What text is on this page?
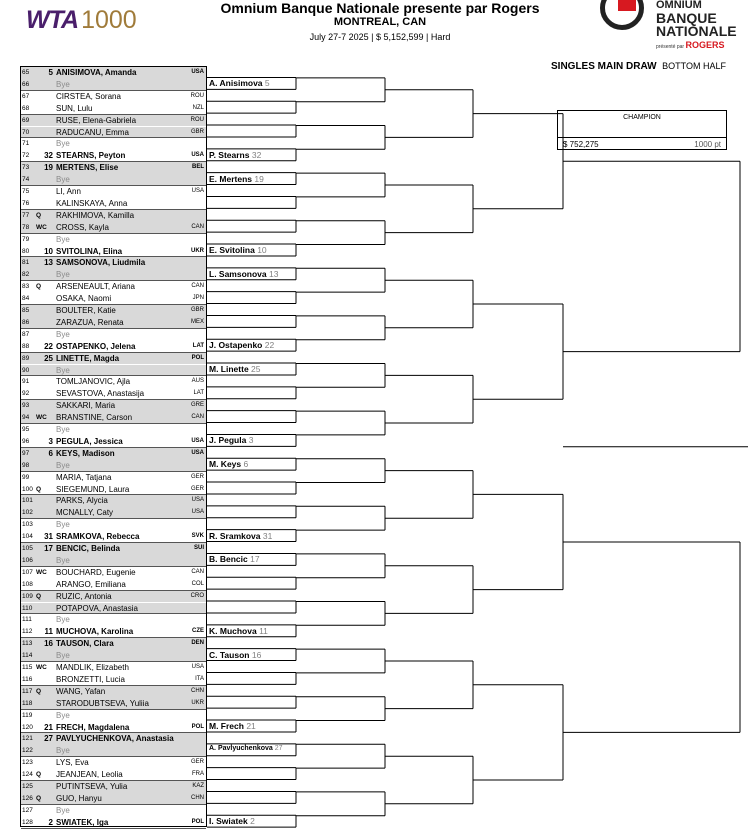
WTA 1000	Omnium Banque Nationale presente par Rogers
MONTREAL, CAN
July 27-7 2025 | $ 5,152,599 | Hard
OMNIUM
BANQUE
NATIONALE
présenté par ROGERS
SINGLES MAIN DRAW BOTTOM HALF
CHAMPION
$ 752,275	1000 pt
65	5 ANISIMOVA, Amanda	USA
66	Bye
67	CIRSTEA, Sorana	ROU
68	SUN, Lulu	NZL
69	RUSE, Elena-Gabriela	ROU
70	RADUCANU, Emma	GBR
71	Bye
72	32 STEARNS, Peyton	USA
73	19 MERTENS, Elise	BEL
74	Bye
75	LI, Ann	USA
76	KALINSKAYA, Anna
77 Q RAKHIMOVA, Kamilla
78 WC CROSS, Kayla	CAN
79	Bye
80	10 SVITOLINA, Elina	UKR
81	13 SAMSONOVA, Liudmila
82	Bye
83 Q ARSENEAULT, Ariana	CAN
84	OSAKA, Naomi	JPN
85	BOULTER, Katie	GBR
86	ZARAZUA, Renata	MEX
87	Bye
88	22 OSTAPENKO, Jelena	LAT
89	25 LINETTE, Magda	POL
90	Bye
91	TOMLJANOVIC, Ajla	AUS
92	SEVASTOVA, Anastasija	LAT
93	SAKKARI, Maria	GRE
94 WC BRANSTINE, Carson	CAN
95	Bye
96	3 PEGULA, Jessica	USA
97	6 KEYS, Madison	USA
98	Bye
99	MARIA, Tatjana	GER
100 Q SIEGEMUND, Laura	GER
101	PARKS, Alycia	USA
102	MCNALLY, Caty	USA
103	Bye
104	31 SRAMKOVA, Rebecca	SVK
105	17 BENCIC, Belinda	SUI
106	Bye
107 WC BOUCHARD, Eugenie	CAN
108	ARANGO, Emiliana	COL
109 Q RUZIC, Antonia	CRO
110	POTAPOVA, Anastasia
111	Bye
112	11 MUCHOVA, Karolina	CZE
113	16 TAUSON, Clara	DEN
114	Bye
115 WC MANDLIK, Elizabeth	USA
116	BRONZETTI, Lucia	ITA
117 Q WANG, Yafan	CHN
118	STARODUBTSEVA, Yuliia	UKR
119	Bye
120	21 FRECH, Magdalena	POL
121	27 PAVLYUCHENKOVA, Anastasia
122	Bye
123	LYS, Eva	GER
124 Q JEANJEAN, Leolia	FRA
125	PUTINTSEVA, Yulia	KAZ
126 Q GUO, Hanyu	CHN
127	Bye
128	2 SWIATEK, Iga	POL
A. Anisimova 5
P. Stearns 32
E. Mertens 19
E. Svitolina 10
L. Samsonova 13
J. Ostapenko 22
M. Linette 25
J. Pegula 3
M. Keys 6
R. Sramkova 31
B. Bencic 17
K. Muchova 11
C. Tauson 16
M. Frech 21
A. Pavlyuchenkova 27
I. Swiatek 2
